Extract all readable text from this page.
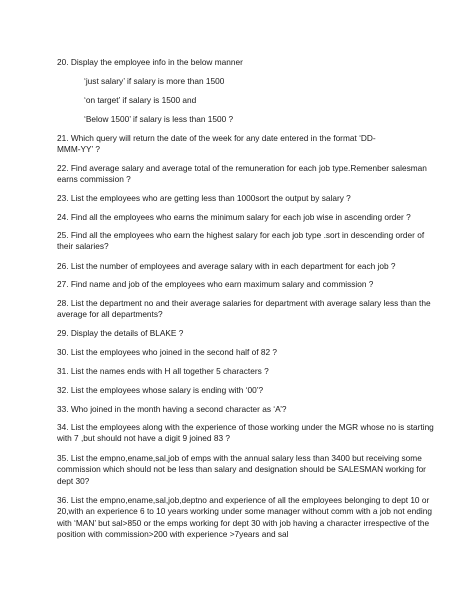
20. Display the employee info in the below manner

‘just salary’ if salary is more than 1500

‘on target’ if salary is 1500 and

‘Below 1500’ if salary is less than 1500 ?

21. Which query will return the date of the week for any date entered in the format ‘DD-MMM-YY’ ?

22. Find average salary and average total of the remuneration for each job type.Remenber salesman earns commission ?

23. List the employees who are getting less than 1000sort the output by salary ?

24. Find all the employees who earns the minimum salary for each job wise in ascending order ?

25. Find all the employees who earn the highest salary for each job type .sort in descending order of their salaries?

26. List the number of employees and average salary with in each department for each job ?

27. Find name and job of the employees who earn maximum salary and commission ?

28. List the department no and their average salaries for department with average salary less than the average for all departments?

29. Display the details of BLAKE ?

30. List the employees who joined in the second half of 82 ?

31. List the names ends with H all together 5 characters ?

32. List the employees whose salary is ending with ‘00’?

33. Who joined in the month having a second character as ‘A’?

34. List the employees along with the experience of those working under the MGR whose no is starting with 7 ,but should not have a digit 9 joined 83 ?

35. List the empno,ename,sal,job of emps with the annual salary less than 3400 but receiving some commission which should not be less than salary and designation should be SALESMAN working for dept 30?

36. List the empno,ename,sal,job,deptno and experience of all the employees belonging to dept 10 or 20,with an experience 6 to 10 years working under some manager without comm with a job not ending with ‘MAN’ but sal>850 or the emps working for dept 30 with job having a character irrespective of the position with commission>200 with experience >7years and sal
